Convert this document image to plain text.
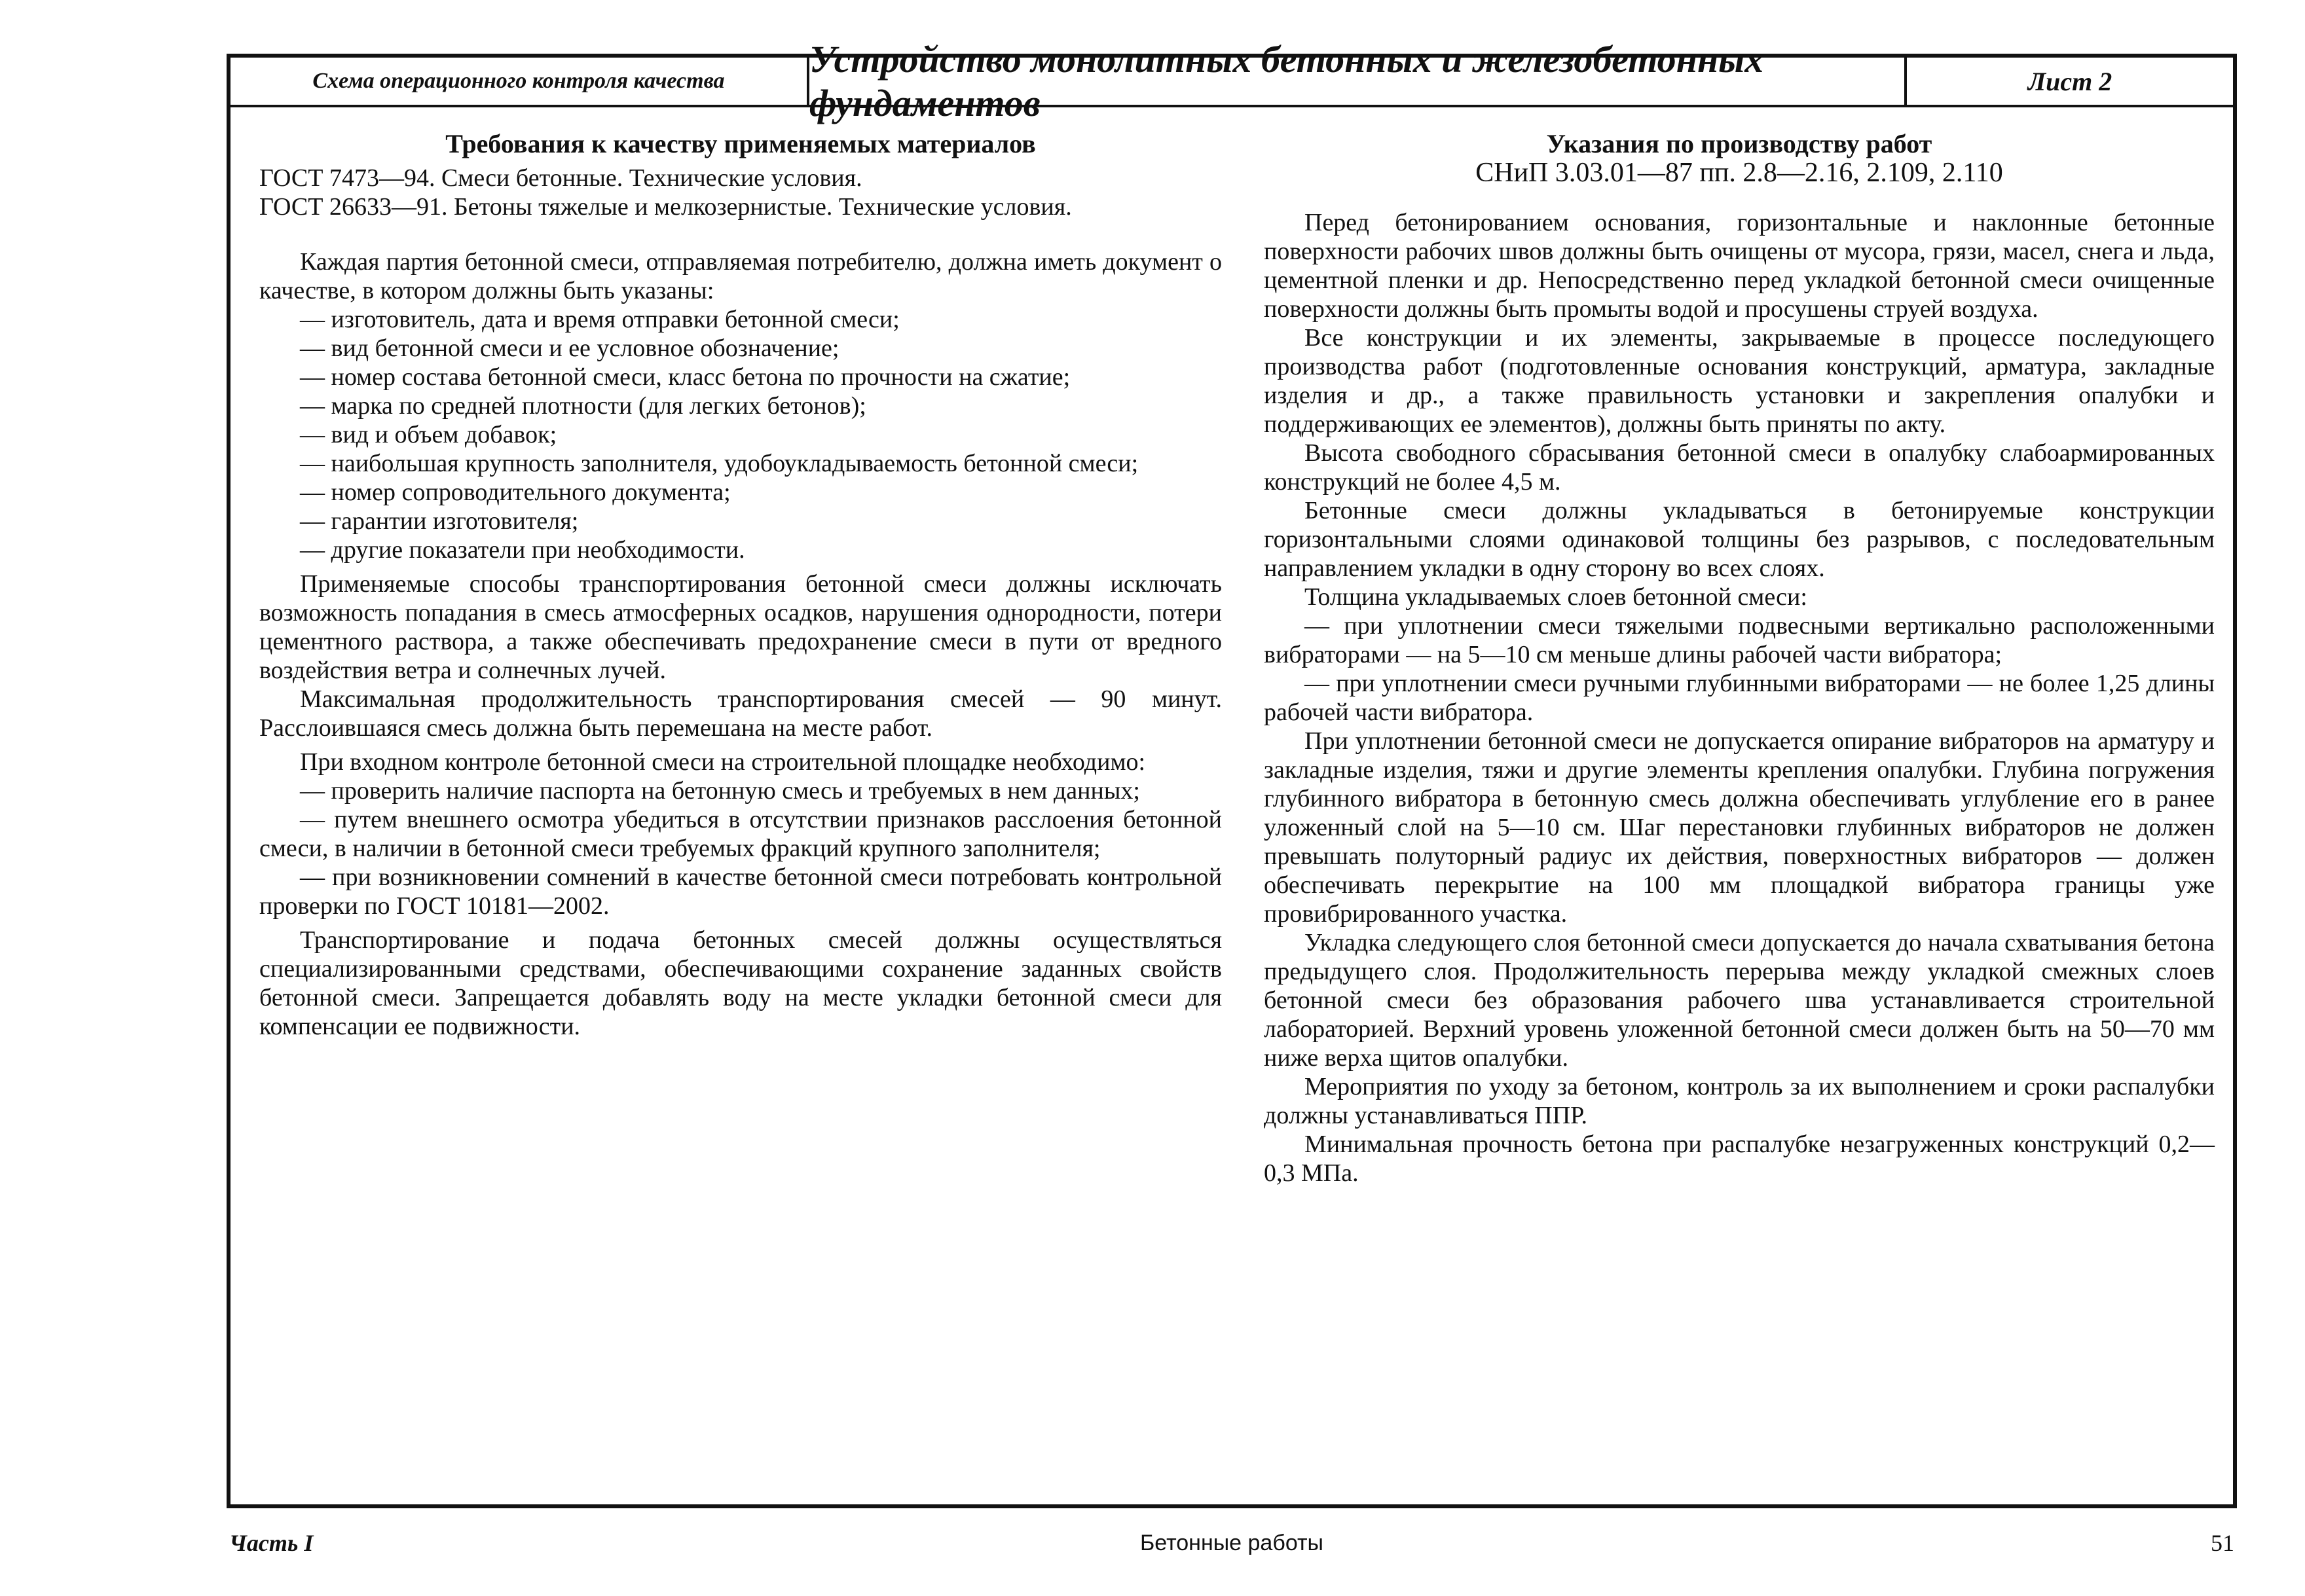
Схема операционного контроля качества
Устройство монолитных бетонных и железобетонных фундаментов
Лист 2
Требования к качеству применяемых материалов

ГОСТ 7473—94. Смеси бетонные. Технические условия.

ГОСТ 26633—91. Бетоны тяжелые и мелкозернистые. Технические условия.

Каждая партия бетонной смеси, отправляемая потребителю, должна иметь документ о качестве, в котором должны быть указаны:

— изготовитель, дата и время отправки бетонной смеси;

— вид бетонной смеси и ее условное обозначение;

— номер состава бетонной смеси, класс бетона по прочности на сжатие;

— марка по средней плотности (для легких бетонов);

— вид и объем добавок;

— наибольшая крупность заполнителя, удобоукладываемость бетонной смеси;

— номер сопроводительного документа;

— гарантии изготовителя;

— другие показатели при необходимости.

Применяемые способы транспортирования бетонной смеси должны исключать возможность попадания в смесь атмосферных осадков, нарушения однородности, потери цементного раствора, а также обеспечивать предохранение смеси в пути от вредного воздействия ветра и солнечных лучей.

Максимальная продолжительность транспортирования смесей — 90 минут. Расслоившаяся смесь должна быть перемешана на месте работ.

При входном контроле бетонной смеси на строительной площадке необходимо:

— проверить наличие паспорта на бетонную смесь и требуемых в нем данных;

— путем внешнего осмотра убедиться в отсутствии признаков расслоения бетонной смеси, в наличии в бетонной смеси требуемых фракций крупного заполнителя;

— при возникновении сомнений в качестве бетонной смеси потребовать контрольной проверки по ГОСТ 10181—2002.

Транспортирование и подача бетонных смесей должны осуществляться специализированными средствами, обеспечивающими сохранение заданных свойств бетонной смеси. Запрещается добавлять воду на месте укладки бетонной смеси для компенсации ее подвижности.

Указания по производству работ
СНиП 3.03.01—87 пп. 2.8—2.16, 2.109, 2.110

Перед бетонированием основания, горизонтальные и наклонные бетонные поверхности рабочих швов должны быть очищены от мусора, грязи, масел, снега и льда, цементной пленки и др. Непосредственно перед укладкой бетонной смеси очищенные поверхности должны быть промыты водой и просушены струей воздуха.

Все конструкции и их элементы, закрываемые в процессе последующего производства работ (подготовленные основания конструкций, арматура, закладные изделия и др., а также правильность установки и закрепления опалубки и поддерживающих ее элементов), должны быть приняты по акту.

Высота свободного сбрасывания бетонной смеси в опалубку слабоармированных конструкций не более 4,5 м.

Бетонные смеси должны укладываться в бетонируемые конструкции горизонтальными слоями одинаковой толщины без разрывов, с последовательным направлением укладки в одну сторону во всех слоях.

Толщина укладываемых слоев бетонной смеси:

— при уплотнении смеси тяжелыми подвесными вертикально расположенными вибраторами — на 5—10 см меньше длины рабочей части вибратора;

— при уплотнении смеси ручными глубинными вибраторами — не более 1,25 длины рабочей части вибратора.

При уплотнении бетонной смеси не допускается опирание вибраторов на арматуру и закладные изделия, тяжи и другие элементы крепления опалубки. Глубина погружения глубинного вибратора в бетонную смесь должна обеспечивать углубление его в ранее уложенный слой на 5—10 см. Шаг перестановки глубинных вибраторов не должен превышать полуторный радиус их действия, поверхностных вибраторов — должен обеспечивать перекрытие на 100 мм площадкой вибратора границы уже провибрированного участка.

Укладка следующего слоя бетонной смеси допускается до начала схватывания бетона предыдущего слоя. Продолжительность перерыва между укладкой смежных слоев бетонной смеси без образования рабочего шва устанавливается строительной лабораторией. Верхний уровень уложенной бетонной смеси должен быть на 50—70 мм ниже верха щитов опалубки.

Мероприятия по уходу за бетоном, контроль за их выполнением и сроки распалубки должны устанавливаться ППР.

Минимальная прочность бетона при распалубке незагруженных конструкций 0,2—0,3 МПа.

Часть I	Бетонные работы	51
